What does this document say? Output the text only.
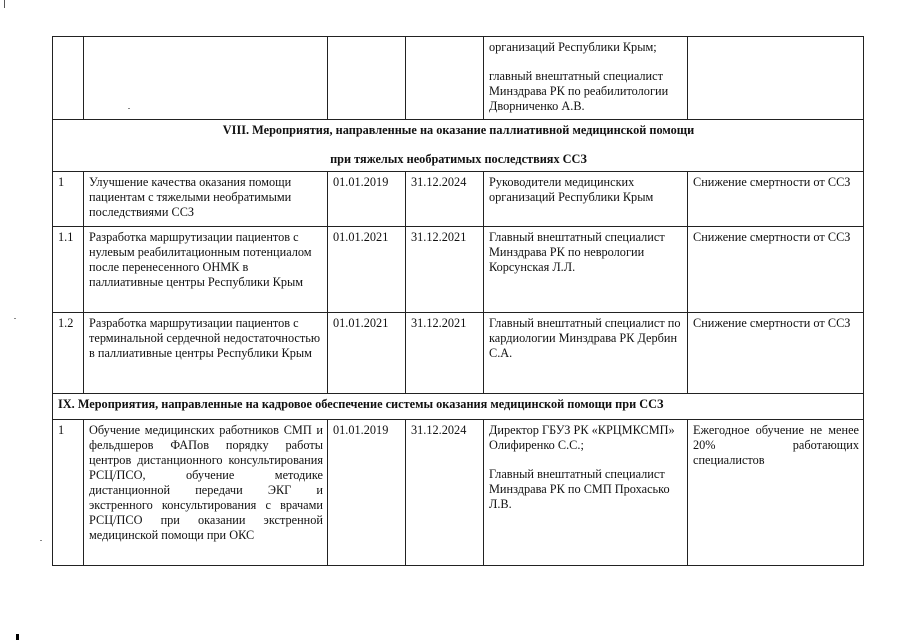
				организаций Республики Крым;

главный внештатный специалист Минздрава РК по реабилитологии Дворниченко А.В.	

VIII. Мероприятия, направленные на оказание паллиативной медицинской помощи
при тяжелых необратимых последствиях ССЗ					

1	Улучшение качества оказания помощи пациентам с тяжелыми необратимыми последствиями ССЗ	01.01.2019	31.12.2024	Руководители медицинских организаций Республики Крым	Снижение смертности от ССЗ
1.1	Разработка маршрутизации пациентов с нулевым реабилитационным потенциалом после перенесенного ОНМК в паллиативные центры Республики Крым	01.01.2021	31.12.2021	Главный внештатный специалист Минздрава РК по неврологии Корсунская Л.Л.	Снижение смертности от ССЗ
1.2	Разработка маршрутизации пациентов с терминальной сердечной недостаточностью в паллиативные центры Республики Крым	01.01.2021	31.12.2021	Главный внештатный специалист по кардиологии Минздрава РК Дербин С.А.	Снижение смертности от ССЗ
IX. Мероприятия, направленные на кадровое обеспечение системы оказания медицинской помощи при ССЗ					
1	Обучение медицинских работников СМП и фельдшеров ФАПов порядку работы центров дистанционного консультирования РСЦ/ПСО, обучение методике дистанционной передачи ЭКГ и экстренного консультирования с врачами РСЦ/ПСО при оказании экстренной медицинской помощи при ОКС	01.01.2019	31.12.2024	Директор ГБУЗ РК «КРЦМКСМП» Олифиренко С.С.;

Главный внештатный специалист Минздрава РК по СМП Прохасько Л.В.	Ежегодное обучение не менее 20% работающих специалистов
